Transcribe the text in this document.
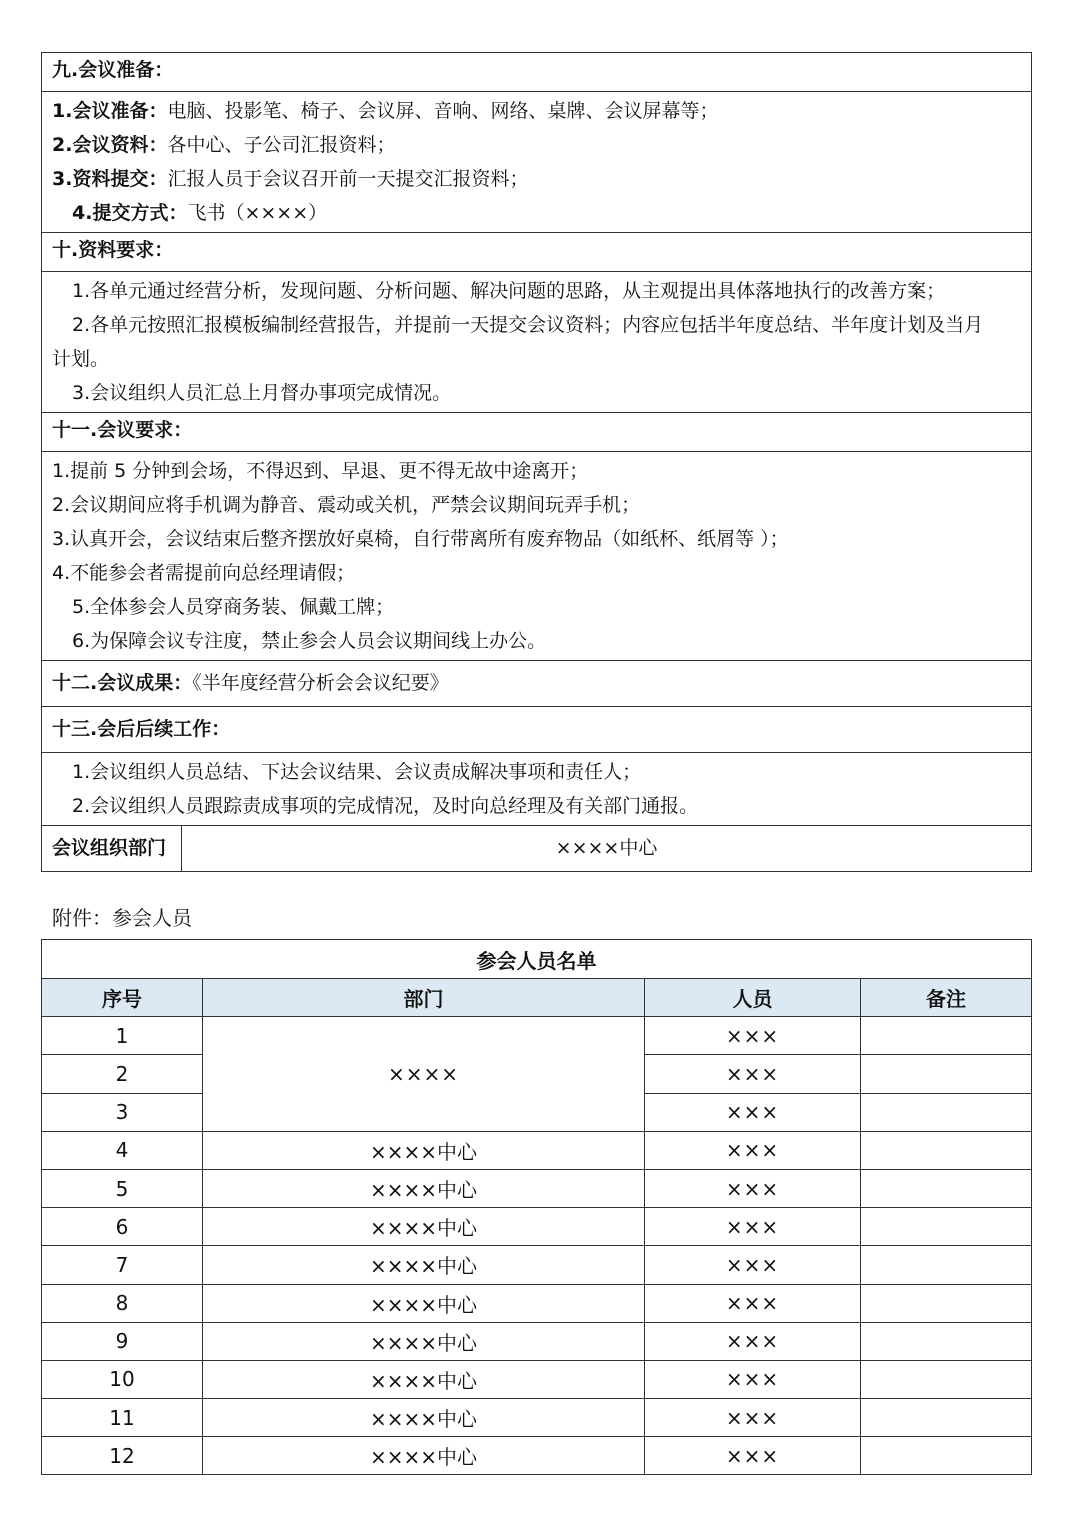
九.会议准备：

1.会议准备：电脑、投影笔、椅子、会议屏、音响、网络、桌牌、会议屏幕等；
2.会议资料：各中心、子公司汇报资料；
3.资料提交：汇报人员于会议召开前一天提交汇报资料；
4.提交方式：飞书（××××）

十.资料要求：

1.各单元通过经营分析，发现问题、分析问题、解决问题的思路，从主观提出具体落地执行的改善方案；
2.各单元按照汇报模板编制经营报告，并提前一天提交会议资料；内容应包括半年度总结、半年度计划及当月
计划。
3.会议组织人员汇总上月督办事项完成情况。

十一.会议要求：

1.提前 5 分钟到会场，不得迟到、早退、更不得无故中途离开；
2.会议期间应将手机调为静音、震动或关机，严禁会议期间玩弄手机；
3.认真开会，会议结束后整齐摆放好桌椅，自行带离所有废弃物品（如纸杯、纸屑等 ）；
4.不能参会者需提前向总经理请假；
5.全体参会人员穿商务装、佩戴工牌；
6.为保障会议专注度，禁止参会人员会议期间线上办公。

十二.会议成果：《半年度经营分析会会议纪要》
十三.会后后续工作：

1.会议组织人员总结、下达会议结果、会议责成解决事项和责任人；
2.会议组织人员跟踪责成事项的完成情况，及时向总经理及有关部门通报。

会议组织部门	××××中心
附件：参会人员
参会人员名单			
序号	部门	人员	备注
1	××××	×××	
2		×××	
3		×××	
4	××××中心	×××	
5	××××中心	×××	
6	××××中心	×××	
7	××××中心	×××	
8	××××中心	×××	
9	××××中心	×××	
10	××××中心	×××	
11	××××中心	×××	
12	××××中心	×××	
